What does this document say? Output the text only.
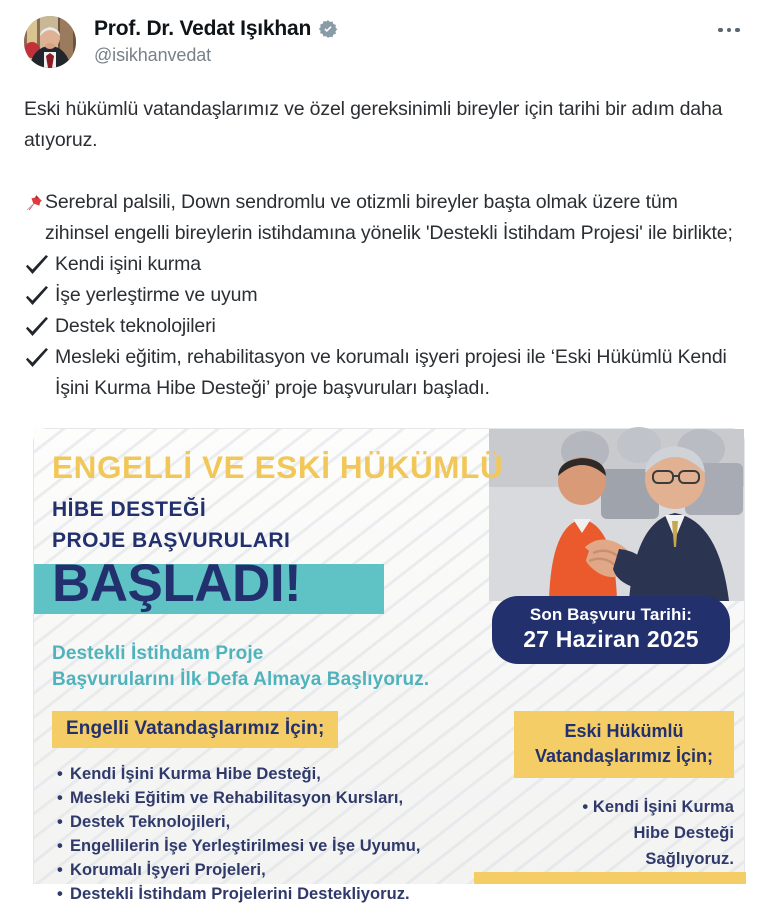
Prof. Dr. Vedat Işıkhan
@isikhanvedat

Eski hükümlü vatandaşlarımız ve özel gereksinimli bireyler için tarihi bir adım daha atıyoruz.

Serebral palsili, Down sendromlu ve otizmli bireyler başta olmak üzere tüm zihinsel engelli bireylerin istihdamına yönelik 'Destekli İstihdam Projesi' ile birlikte;
Kendi işini kurma
İşe yerleştirme ve uyum
Destek teknolojileri
Mesleki eğitim, rehabilitasyon ve korumalı işyeri projesi ile ‘Eski Hükümlü Kendi İşini Kurma Hibe Desteği’ proje başvuruları başladı.
ENGELLİ VE ESKİ HÜKÜMLÜ
HİBE DESTEĞİ
PROJE BAŞVURULARI
BAŞLADI!
Destekli İstihdam Proje
Başvurularını İlk Defa Almaya Başlıyoruz.
Son Başvuru Tarihi:
27 Haziran 2025
Engelli Vatandaşlarımız İçin;
• Kendi İşini Kurma Hibe Desteği,
• Mesleki Eğitim ve Rehabilitasyon Kursları,
• Destek Teknolojileri,
• Engellilerin İşe Yerleştirilmesi ve İşe Uyumu,
• Korumalı İşyeri Projeleri,
• Destekli İstihdam Projelerini Destekliyoruz.
Eski Hükümlü
Vatandaşlarımız İçin;
• Kendi İşini Kurma
Hibe Desteği
Sağlıyoruz.
